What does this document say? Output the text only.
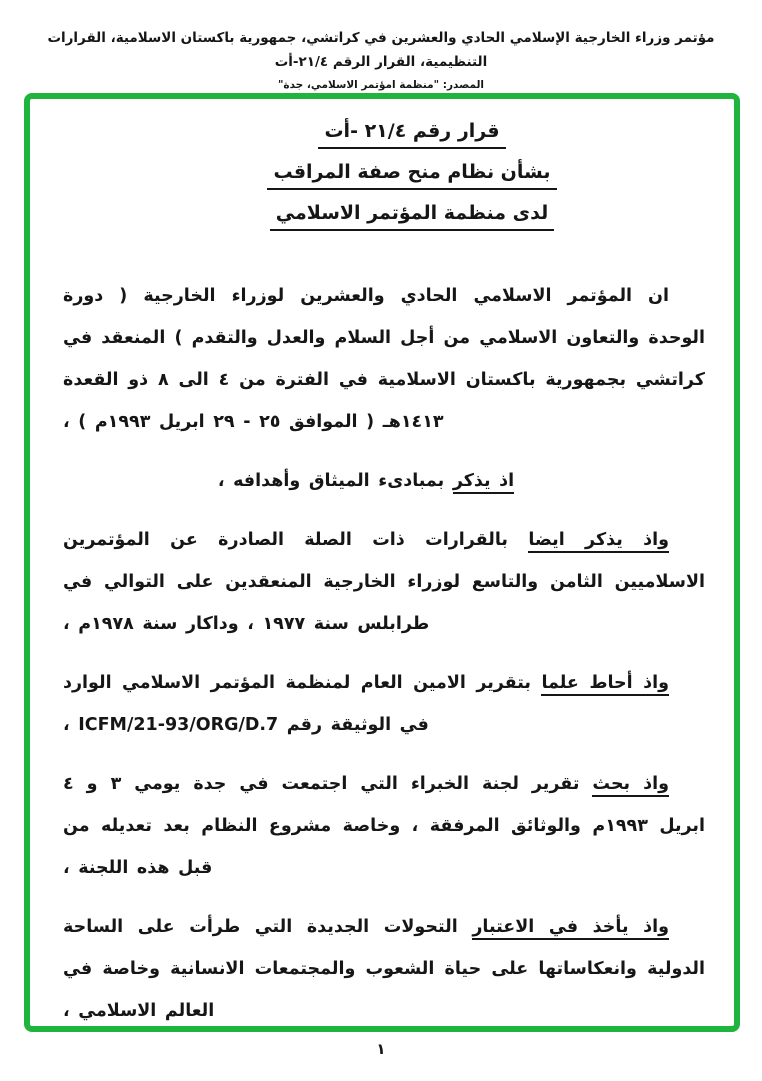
مؤتمر وزراء الخارجية الإسلامي الحادي والعشرين في كراتشي، جمهورية باكستان الاسلامية، القرارات التنظيمية، القرار الرقم ٢١/٤-أت
المصدر: "منظمة امؤتمر الاسلامي، جدة"
قرار رقم ٢١/٤ -أت
بشأن نظام منح صفة المراقب
لدى منظمة المؤتمر الاسلامي

ان المؤتمر الاسلامي الحادي والعشرين لوزراء الخارجية ( دورة الوحدة والتعاون الاسلامي من أجل السلام والعدل والتقدم ) المنعقد في كراتشي بجمهورية باكستان الاسلامية في الفترة من ٤ الى ٨ ذو القعدة ١٤١٣هـ ( الموافق ٢٥ - ٢٩ ابريل ١٩٩٣م ) ،

اذ يذكر بمبادىء الميثاق وأهدافه ،

واذ يذكر ايضا بالقرارات ذات الصلة الصادرة عن المؤتمرين الاسلاميين الثامن والتاسع لوزراء الخارجية المنعقدين على التوالي في طرابلس سنة ١٩٧٧ ، وداكار سنة ١٩٧٨م ،

واذ أحاط علما بتقرير الامين العام لمنظمة المؤتمر الاسلامي الوارد في الوثيقة رقم ICFM/21-93/ORG/D.7 ،

واذ بحث تقرير لجنة الخبراء التي اجتمعت في جدة يومي ٣ و ٤ ابريل ١٩٩٣م والوثائق المرفقة ، وخاصة مشروع النظام بعد تعديله من قبل هذه اللجنة ،

واذ يأخذ في الاعتبار التحولات الجديدة التي طرأت على الساحة الدولية وانعكاساتها على حياة الشعوب والمجتمعات الانسانية وخاصة في العالم الاسلامي ،

١
